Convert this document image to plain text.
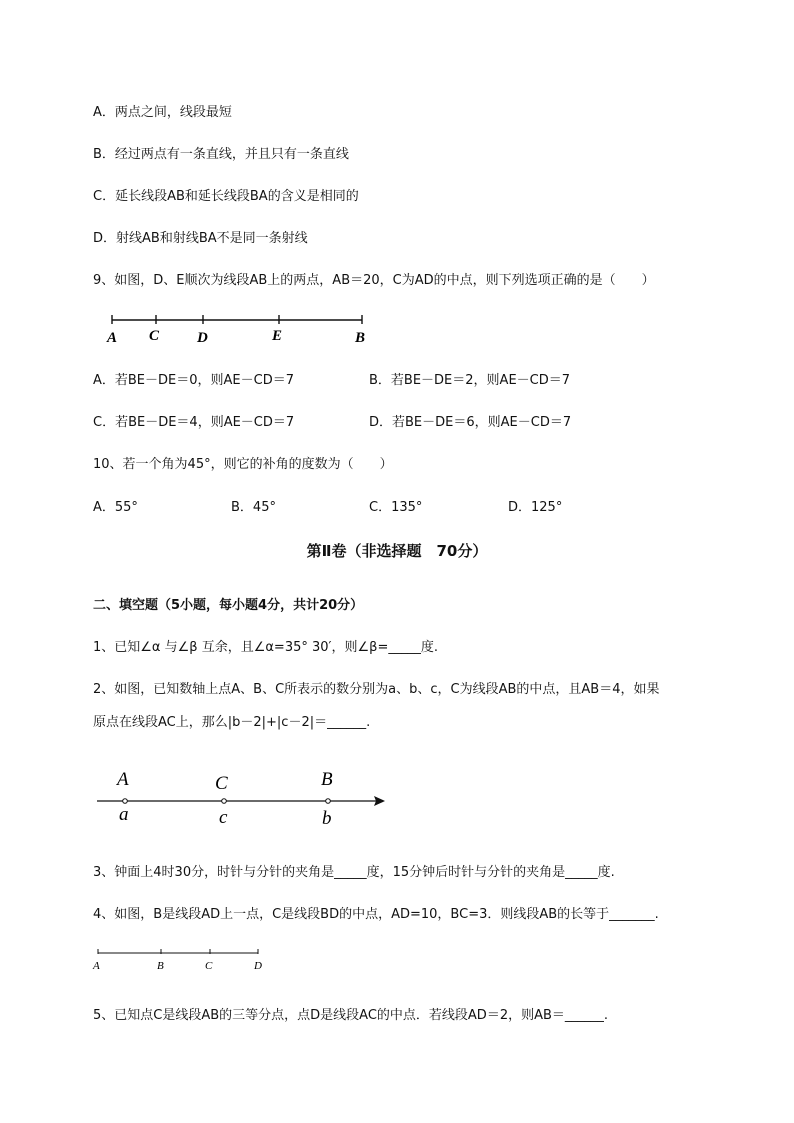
A．两点之间，线段最短
B．经过两点有一条直线，并且只有一条直线
C．延长线段AB和延长线段BA的含义是相同的
D．射线AB和射线BA不是同一条射线
9、如图，D、E顺次为线段AB上的两点，AB＝20，C为AD的中点，则下列选项正确的是（　　）
A C	D	E	B
A．若BE－DE＝0，则AE－CD＝7	B．若BE－DE＝2，则AE－CD＝7
C．若BE－DE＝4，则AE－CD＝7	D．若BE－DE＝6，则AE－CD＝7
10、若一个角为45°，则它的补角的度数为（　　）
A．55°	B．45°	C．135°	D．125°
第Ⅱ卷（非选择题　70分）
二、填空题（5小题，每小题4分，共计20分）
1、已知∠α 与∠β 互余，且∠α=35° 30′，则∠β=_____度.
2、如图，已知数轴上点A、B、C所表示的数分别为a、b、c，C为线段AB的中点，且AB＝4，如果
原点在线段AC上，那么|b－2|+|c－2|＝______.
A	C	B
a	c	b
3、钟面上4时30分，时针与分针的夹角是_____度，15分钟后时针与分针的夹角是_____度.
4、如图，B是线段AD上一点，C是线段BD的中点，AD=10，BC=3．则线段AB的长等于_______.
A	B	C	D
5、已知点C是线段AB的三等分点，点D是线段AC的中点．若线段AD＝2，则AB＝______.
